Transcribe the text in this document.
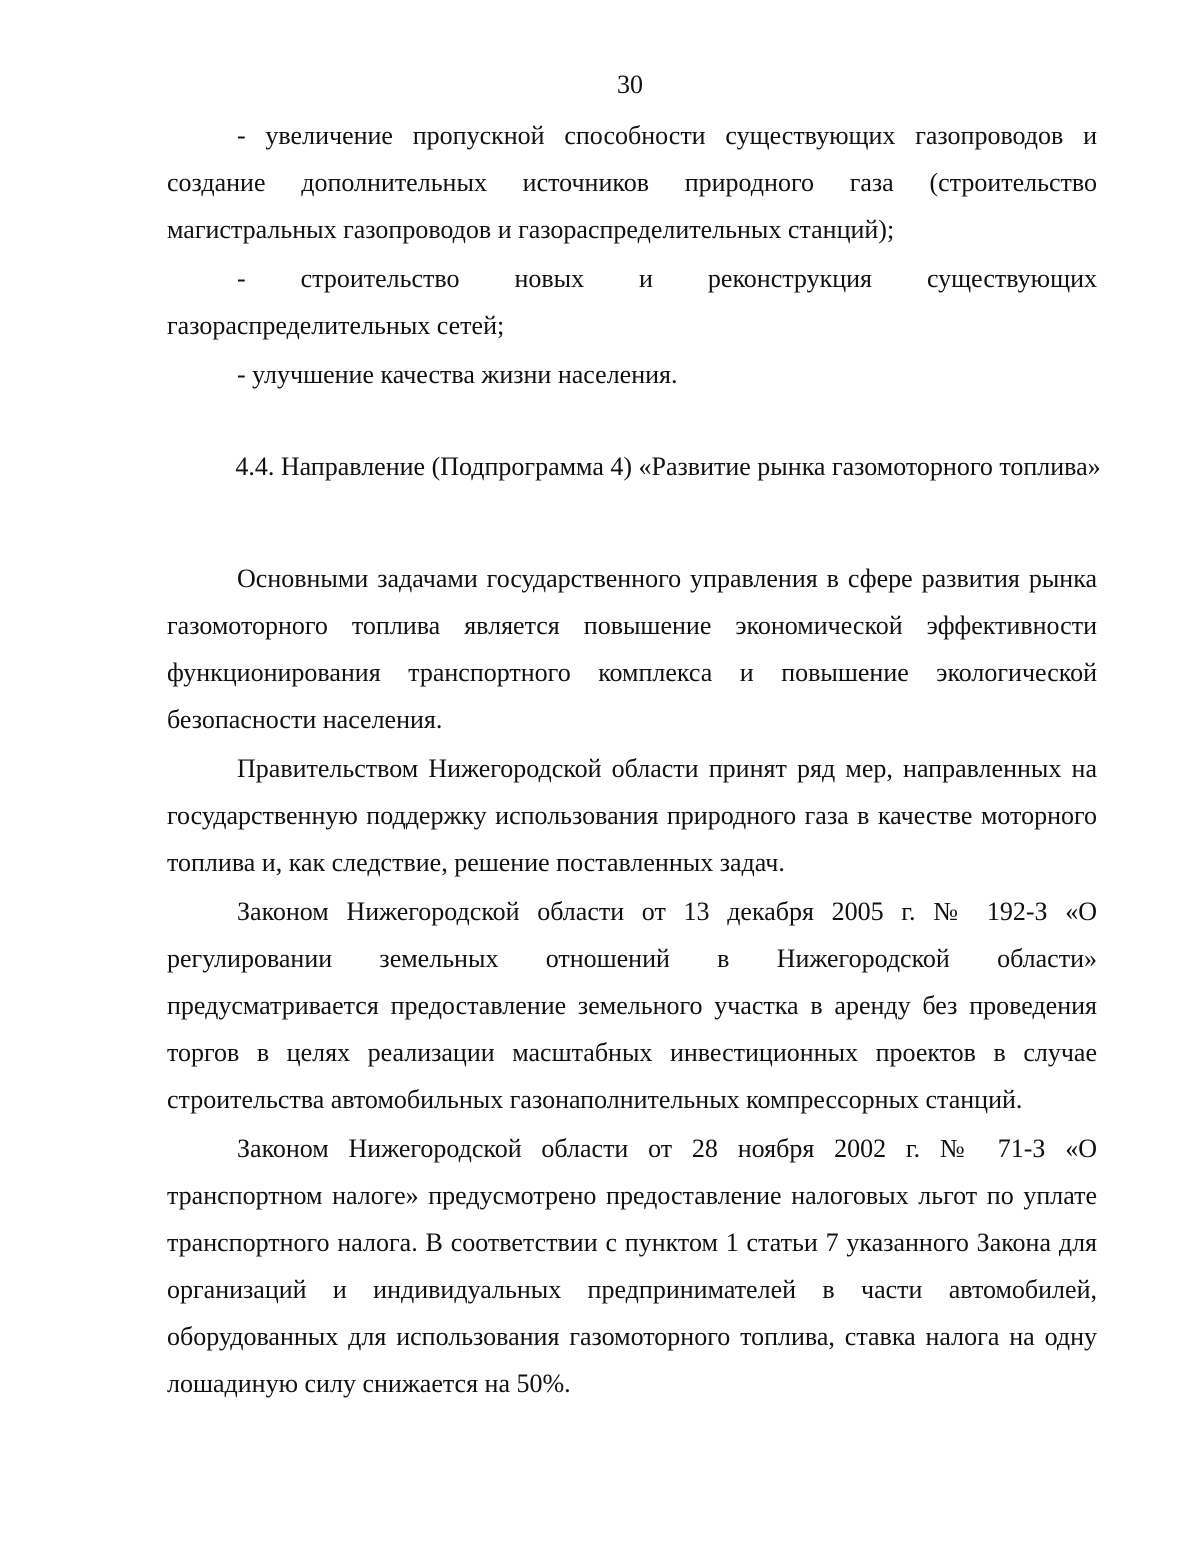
30

- увеличение пропускной способности существующих газопроводов и создание дополнительных источников природного газа (строительство магистральных газопроводов и газораспределительных станций);

- строительство новых и реконструкция существующих газораспределительных сетей;

- улучшение качества жизни населения.

4.4. Направление (Подпрограмма 4) «Развитие рынка газомоторного топлива»

Основными задачами государственного управления в сфере развития рынка газомоторного топлива является повышение экономической эффективности функционирования транспортного комплекса и повышение экологической безопасности населения.

Правительством Нижегородской области принят ряд мер, направленных на государственную поддержку использования природного газа в качестве моторного топлива и, как следствие, решение поставленных задач.

Законом Нижегородской области от 13 декабря 2005 г. № 192-З «О регулировании земельных отношений в Нижегородской области» предусматривается предоставление земельного участка в аренду без проведения торгов в целях реализации масштабных инвестиционных проектов в случае строительства автомобильных газонаполнительных компрессорных станций.

Законом Нижегородской области от 28 ноября 2002 г. № 71-З «О транспортном налоге» предусмотрено предоставление налоговых льгот по уплате транспортного налога. В соответствии с пунктом 1 статьи 7 указанного Закона для организаций и индивидуальных предпринимателей в части автомобилей, оборудованных для использования газомоторного топлива, ставка налога на одну лошадиную силу снижается на 50%.
